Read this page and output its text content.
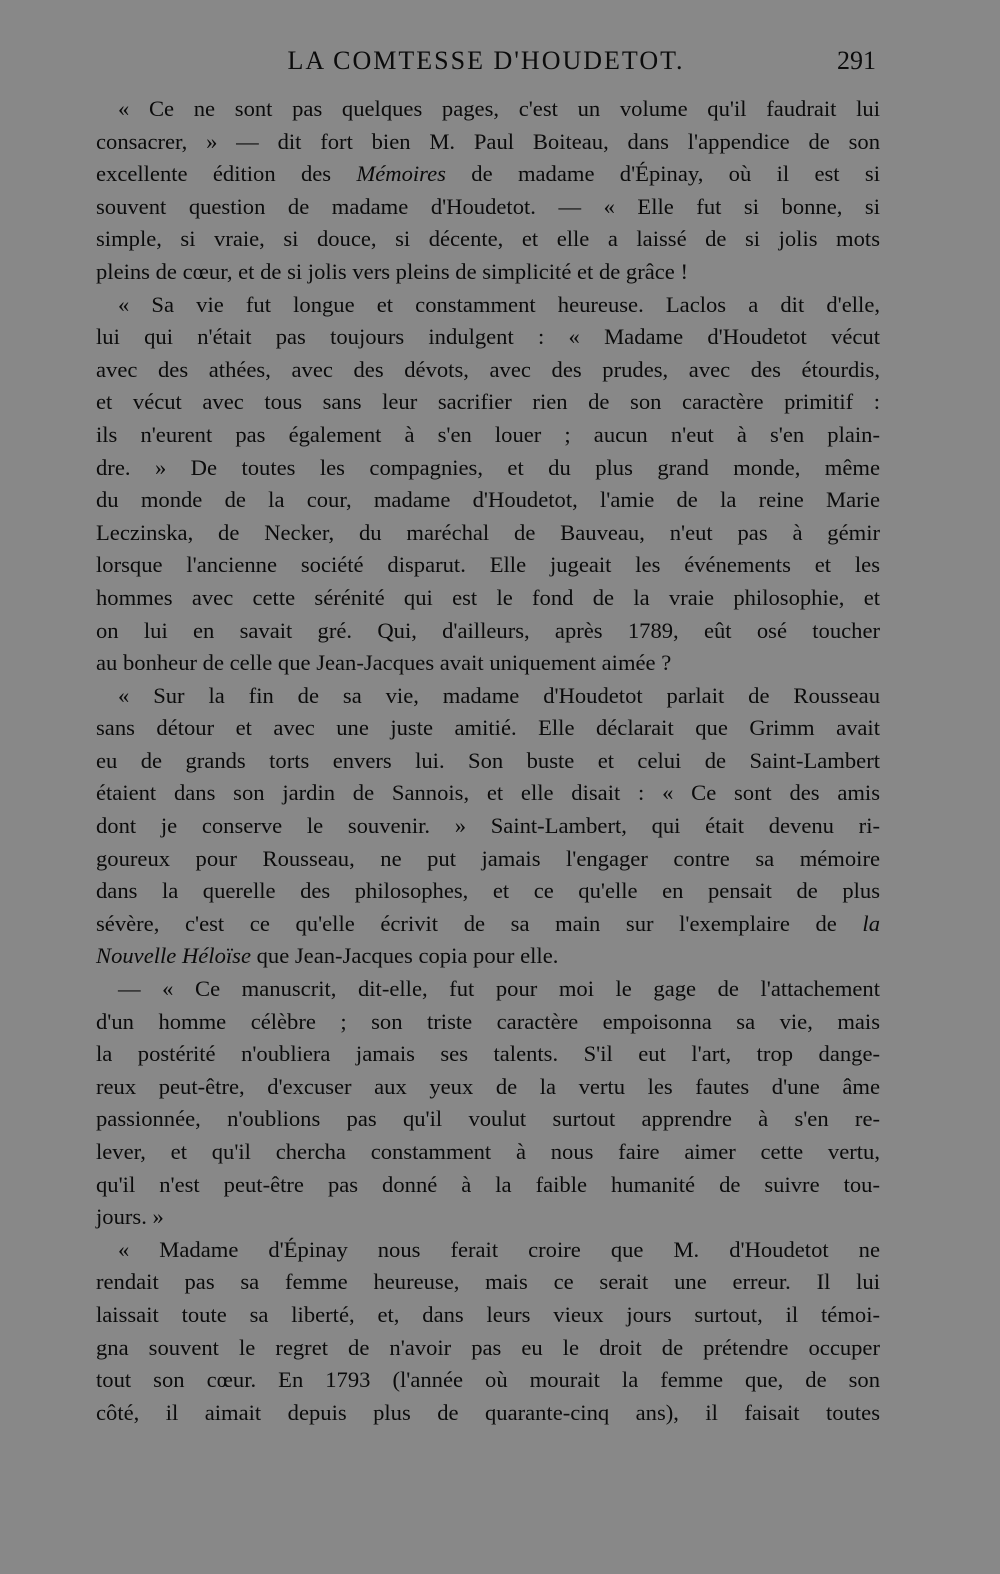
LA COMTESSE D'HOUDETOT.	291
« Ce ne sont pas quelques pages, c'est un volume qu'il faudrait lui
consacrer, » — dit fort bien M. Paul Boiteau, dans l'appendice de son
excellente édition des Mémoires de madame d'Épinay, où il est si
souvent question de madame d'Houdetot. — « Elle fut si bonne, si
simple, si vraie, si douce, si décente, et elle a laissé de si jolis mots
pleins de cœur, et de si jolis vers pleins de simplicité et de grâce !
« Sa vie fut longue et constamment heureuse. Laclos a dit d'elle,
lui qui n'était pas toujours indulgent : « Madame d'Houdetot vécut
avec des athées, avec des dévots, avec des prudes, avec des étourdis,
et vécut avec tous sans leur sacrifier rien de son caractère primitif :
ils n'eurent pas également à s'en louer ; aucun n'eut à s'en plain-
dre. » De toutes les compagnies, et du plus grand monde, même
du monde de la cour, madame d'Houdetot, l'amie de la reine Marie
Leczinska, de Necker, du maréchal de Bauveau, n'eut pas à gémir
lorsque l'ancienne société disparut. Elle jugeait les événements et les
hommes avec cette sérénité qui est le fond de la vraie philosophie, et
on lui en savait gré. Qui, d'ailleurs, après 1789, eût osé toucher
au bonheur de celle que Jean-Jacques avait uniquement aimée ?
« Sur la fin de sa vie, madame d'Houdetot parlait de Rousseau
sans détour et avec une juste amitié. Elle déclarait que Grimm avait
eu de grands torts envers lui. Son buste et celui de Saint-Lambert
étaient dans son jardin de Sannois, et elle disait : « Ce sont des amis
dont je conserve le souvenir. » Saint-Lambert, qui était devenu ri-
goureux pour Rousseau, ne put jamais l'engager contre sa mémoire
dans la querelle des philosophes, et ce qu'elle en pensait de plus
sévère, c'est ce qu'elle écrivit de sa main sur l'exemplaire de la
Nouvelle Héloïse que Jean-Jacques copia pour elle.
— « Ce manuscrit, dit-elle, fut pour moi le gage de l'attachement
d'un homme célèbre ; son triste caractère empoisonna sa vie, mais
la postérité n'oubliera jamais ses talents. S'il eut l'art, trop dange-
reux peut-être, d'excuser aux yeux de la vertu les fautes d'une âme
passionnée, n'oublions pas qu'il voulut surtout apprendre à s'en re-
lever, et qu'il chercha constamment à nous faire aimer cette vertu,
qu'il n'est peut-être pas donné à la faible humanité de suivre tou-
jours. »
« Madame d'Épinay nous ferait croire que M. d'Houdetot ne
rendait pas sa femme heureuse, mais ce serait une erreur. Il lui
laissait toute sa liberté, et, dans leurs vieux jours surtout, il témoi-
gna souvent le regret de n'avoir pas eu le droit de prétendre occuper
tout son cœur. En 1793 (l'année où mourait la femme que, de son
côté, il aimait depuis plus de quarante-cinq ans), il faisait toutes
